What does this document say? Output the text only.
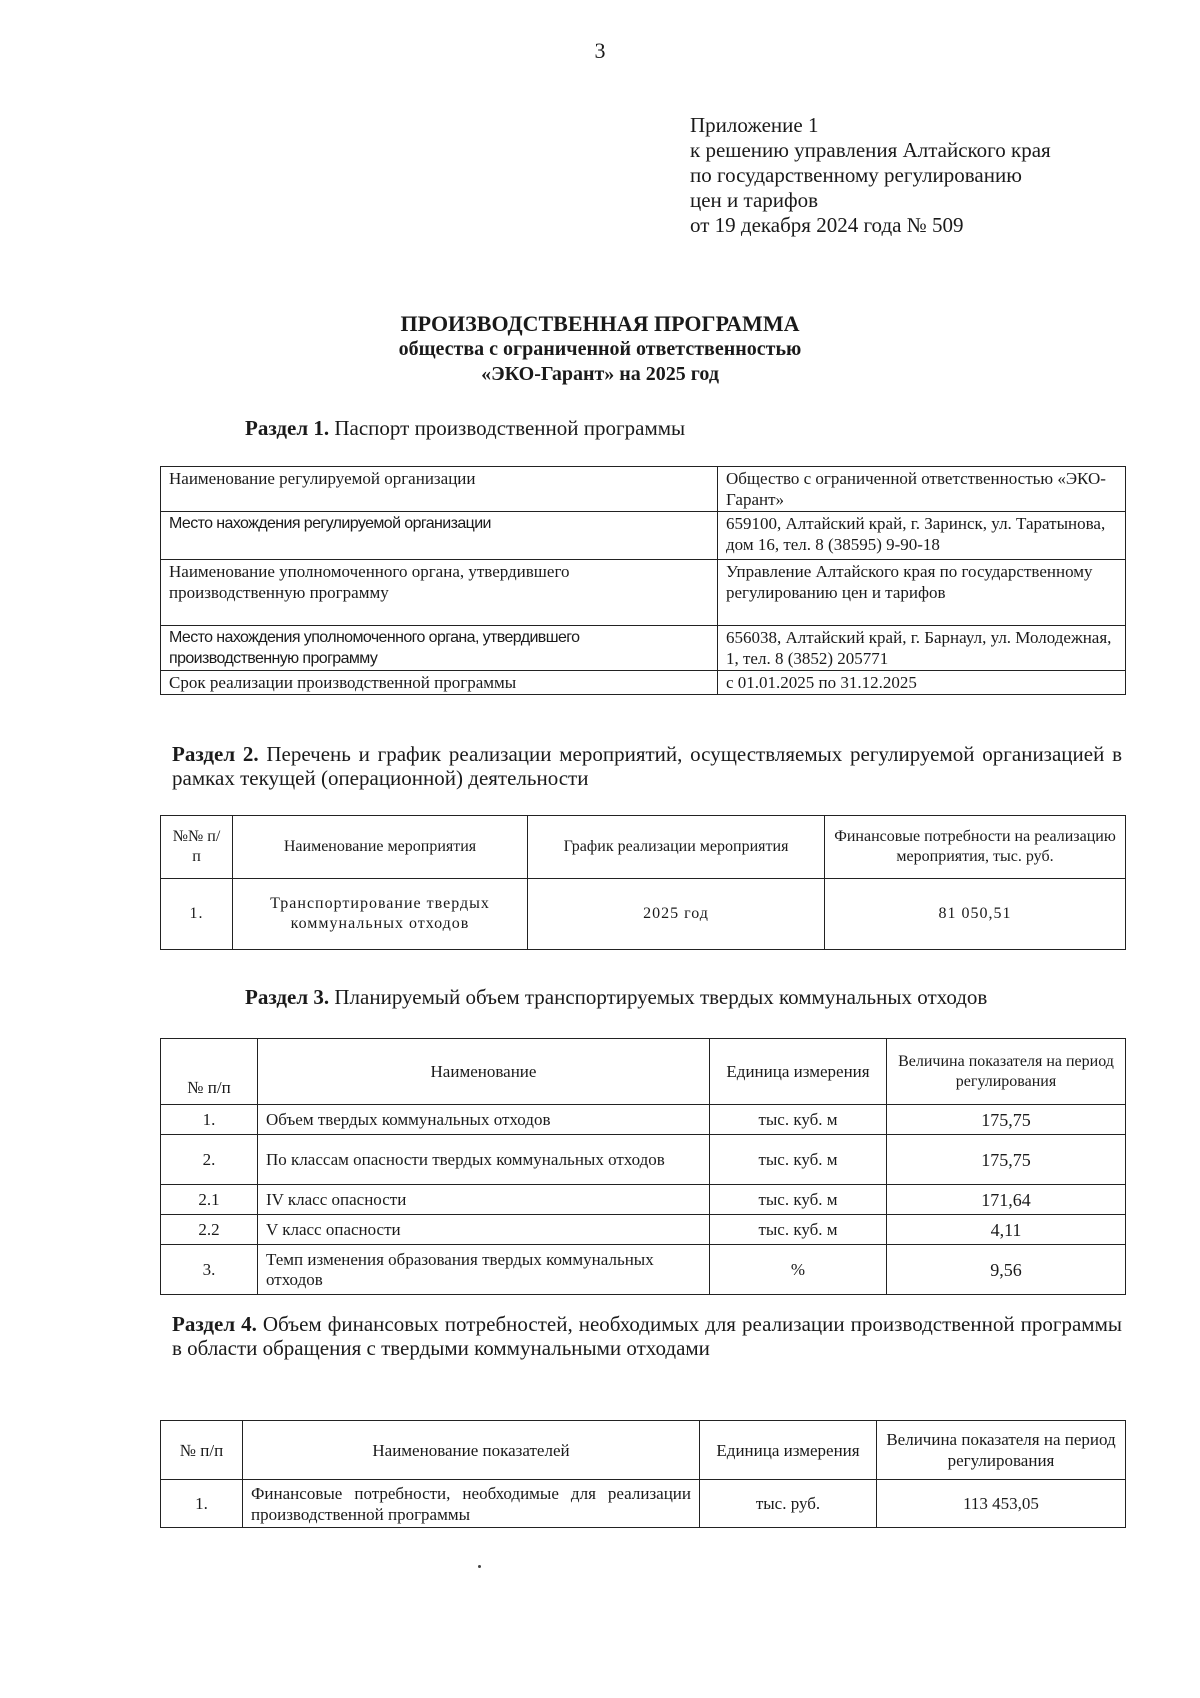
3
Приложение 1
к решению управления Алтайского края
по государственному регулированию
цен и тарифов
от 19 декабря 2024 года № 509
ПРОИЗВОДСТВЕННАЯ ПРОГРАММА
общества с ограниченной ответственностью
«ЭКО-Гарант» на 2025 год
Раздел 1. Паспорт производственной программы
Наименование регулируемой организации	Общество с ограниченной ответственностью «ЭКО-Гарант»
Место нахождения регулируемой организации	659100, Алтайский край, г. Заринск, ул. Таратынова, дом 16, тел. 8 (38595) 9-90-18
Наименование уполномоченного органа, утвердившего производственную программу	Управление Алтайского края по государственному регулированию цен и тарифов
Место нахождения уполномоченного органа, утвердившего производственную программу	656038, Алтайский край, г. Барнаул, ул. Молодежная, 1, тел. 8 (3852) 205771
Срок реализации производственной программы	с 01.01.2025 по 31.12.2025
Раздел 2. Перечень и график реализации мероприятий, осуществляемых регулируемой организацией в рамках текущей (операционной) деятельности
№№ п/п	Наименование мероприятия	График реализации мероприятия	Финансовые потребности на реализацию мероприятия, тыс. руб.
1.	Транспортирование твердых коммунальных отходов	2025 год	81 050,51
Раздел 3. Планируемый объем транспортируемых твердых коммунальных отходов
№ п/п	Наименование	Единица измерения	Величина показателя на период регулирования
1.	Объем твердых коммунальных отходов	тыс. куб. м	175,75
2.	По классам опасности твердых коммунальных отходов	тыс. куб. м	175,75
2.1	IV класс опасности	тыс. куб. м	171,64
2.2	V класс опасности	тыс. куб. м	4,11
3.	Темп изменения образования твердых коммунальных отходов	%	9,56
Раздел 4. Объем финансовых потребностей, необходимых для реализации производственной программы в области обращения с твердыми коммунальными отходами
№ п/п	Наименование показателей	Единица измерения	Величина показателя на период регулирования
1.	Финансовые потребности, необходимые для реализации производственной программы	тыс. руб.	113 453,05
